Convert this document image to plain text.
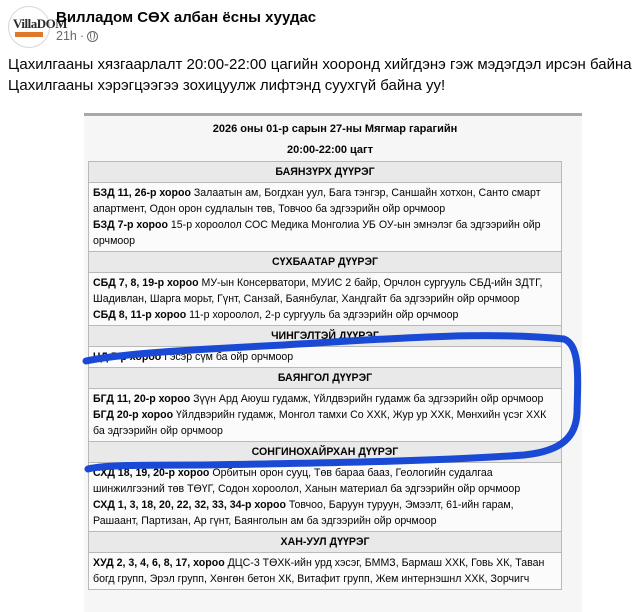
VillaDOM
Вилладом СӨХ албан ёсны хуудас
21h ·
Цахилгааны хязгаарлалт 20:00-22:00 цагийн хооронд хийгдэнэ гэж мэдэгдэл ирсэн байна
Цахилгааны хэрэгцээгээ зохицуулж лифтэнд суухгүй байна уу!
2026 оны 01-р сарын 27-ны Мягмар гарагийн
20:00-22:00 цагт
БАЯНЗҮРХ ДҮҮРЭГ

БЗД 11, 26-р хороо Залаатын ам, Богдхан уул, Бага тэнгэр, Саншайн хотхон, Санто смарт апартмент, Одон орон судлалын төв, Товчоо ба эдгээрийн ойр орчмоор
БЗД 7-р хороо 15-р хороолол СОС Медика Монголиа УБ ОУ-ын эмнэлэг ба эдгээрийн ойр орчмоор

СҮХБААТАР ДҮҮРЭГ

СБД 7, 8, 19-р хороо МУ-ын Консерватори, МУИС 2 байр, Орчлон сургууль СБД-ийн ЗДТГ, Шадивлан, Шарга морьт, Гүнт, Санзай, Баянбулаг, Хандгайт ба эдгээрийн ойр орчмоор
СБД 8, 11-р хороо 11-р хороолол, 2-р сургууль ба эдгээрийн ойр орчмоор

ЧИНГЭЛТЭЙ ДҮҮРЭГ

ЧД 5-р хороо Гэсэр сүм ба ойр орчмоор

БАЯНГОЛ ДҮҮРЭГ

БГД 11, 20-р хороо Зүүн Ард Аюуш гудамж, Үйлдвэрийн гудамж ба эдгээрийн ойр орчмоор
БГД 20-р хороо Үйлдвэрийн гудамж, Монгол тамхи Со ХХК, Жур ур ХХК, Мөнхийн үсэг ХХК ба эдгээрийн ойр орчмоор

СОНГИНОХАЙРХАН ДҮҮРЭГ

СХД 18, 19, 20-р хороо Орбитын орон сууц, Төв бараа бааз, Геологийн судалгаа шинжилгээний төв ТӨҮГ, Содон хороолол, Ханын материал ба эдгээрийн ойр орчмоор
СХД 1, 3, 18, 20, 22, 32, 33, 34-р хороо Товчоо, Баруун туруун, Эмээлт, 61-ийн гарам, Рашаант, Партизан, Ар гүнт, Баянголын ам ба эдгээрийн ойр орчмоор

ХАН-УУЛ ДҮҮРЭГ

ХУД 2, 3, 4, 6, 8, 17, хороо ДЦС-3 ТӨХК-ийн урд хэсэг, БММЗ, Бармаш ХХК, Говь ХК, Таван богд групп, Эрэл групп, Хөнгөн бетон ХК, Витафит групп, Жем интернэшнл ХХК, Зорчигч
